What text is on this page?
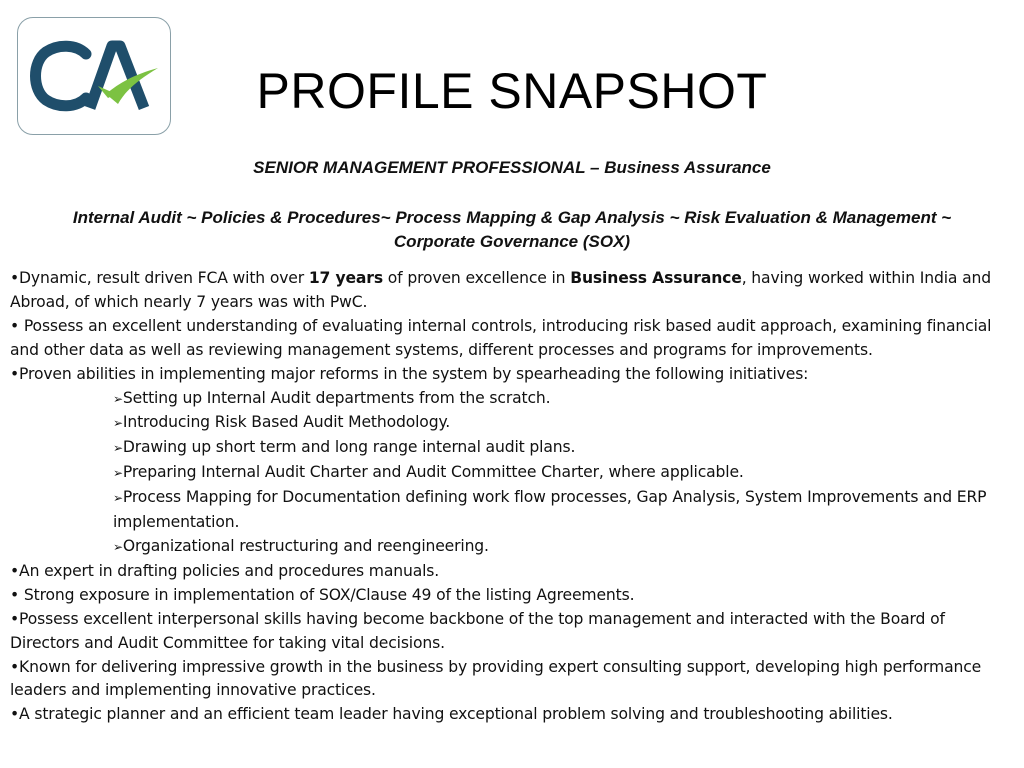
PROFILE SNAPSHOT

SENIOR MANAGEMENT PROFESSIONAL – Business Assurance

Internal Audit ~ Policies & Procedures~ Process Mapping & Gap Analysis ~ Risk Evaluation & Management ~ Corporate Governance (SOX)

•Dynamic, result driven FCA with over 17 years of proven excellence in Business Assurance, having worked within India and Abroad, of which nearly 7 years was with PwC.

• Possess an excellent understanding of evaluating internal controls, introducing risk based audit approach, examining financial and other data as well as reviewing management systems, different processes and programs for improvements.

•Proven abilities in implementing major reforms in the system by spearheading the following initiatives:

➢Setting up Internal Audit departments from the scratch.

➢Introducing Risk Based Audit Methodology.

➢Drawing up short term and long range internal audit plans.

➢Preparing Internal Audit Charter and Audit Committee Charter, where applicable.

➢Process Mapping for Documentation defining work flow processes, Gap Analysis, System Improvements and ERP implementation.

➢Organizational restructuring and reengineering.

•An expert in drafting policies and procedures manuals.

• Strong exposure in implementation of SOX/Clause 49 of the listing Agreements.

•Possess excellent interpersonal skills having become backbone of the top management and interacted with the Board of Directors and Audit Committee for taking vital decisions.

•Known for delivering impressive growth in the business by providing expert consulting support, developing high performance leaders and implementing innovative practices.

•A strategic planner and an efficient team leader having exceptional problem solving and troubleshooting abilities.
